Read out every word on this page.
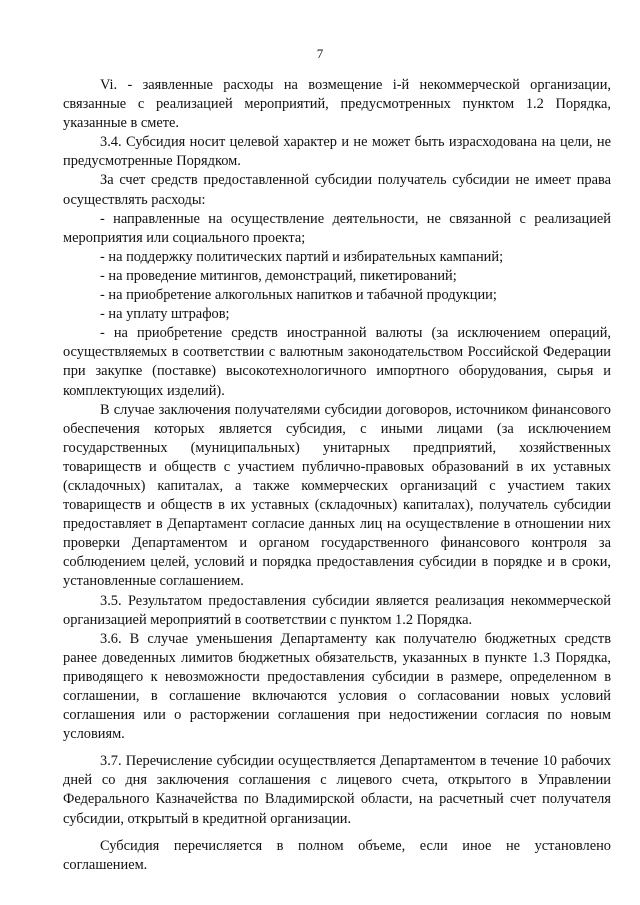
7

Vi. - заявленные расходы на возмещение i-й некоммерческой организации, связанные с реализацией мероприятий, предусмотренных пунктом 1.2 Порядка, указанные в смете.

3.4. Субсидия носит целевой характер и не может быть израсходована на цели, не предусмотренные Порядком.

За счет средств предоставленной субсидии получатель субсидии не имеет права осуществлять расходы:

- направленные на осуществление деятельности, не связанной с реализацией мероприятия или социального проекта;

- на поддержку политических партий и избирательных кампаний;

- на проведение митингов, демонстраций, пикетирований;

- на приобретение алкогольных напитков и табачной продукции;

- на уплату штрафов;

- на приобретение средств иностранной валюты (за исключением операций, осуществляемых в соответствии с валютным законодательством Российской Федерации при закупке (поставке) высокотехнологичного импортного оборудования, сырья и комплектующих изделий).

В случае заключения получателями субсидии договоров, источником финансового обеспечения которых является субсидия, с иными лицами (за исключением государственных (муниципальных) унитарных предприятий, хозяйственных товариществ и обществ с участием публично-правовых образований в их уставных (складочных) капиталах, а также коммерческих организаций с участием таких товариществ и обществ в их уставных (складочных) капиталах), получатель субсидии предоставляет в Департамент согласие данных лиц на осуществление в отношении них проверки Департаментом и органом государственного финансового контроля за соблюдением целей, условий и порядка предоставления субсидии в порядке и в сроки, установленные соглашением.

3.5. Результатом предоставления субсидии является реализация некоммерческой организацией мероприятий в соответствии с пунктом 1.2 Порядка.

3.6. В случае уменьшения Департаменту как получателю бюджетных средств ранее доведенных лимитов бюджетных обязательств, указанных в пункте 1.3 Порядка, приводящего к невозможности предоставления субсидии в размере, определенном в соглашении, в соглашение включаются условия о согласовании новых условий соглашения или о расторжении соглашения при недостижении согласия по новым условиям.

3.7. Перечисление субсидии осуществляется Департаментом в течение 10 рабочих дней со дня заключения соглашения с лицевого счета, открытого в Управлении Федерального Казначейства по Владимирской области, на расчетный счет получателя субсидии, открытый в кредитной организации.

Субсидия перечисляется в полном объеме, если иное не установлено соглашением.
